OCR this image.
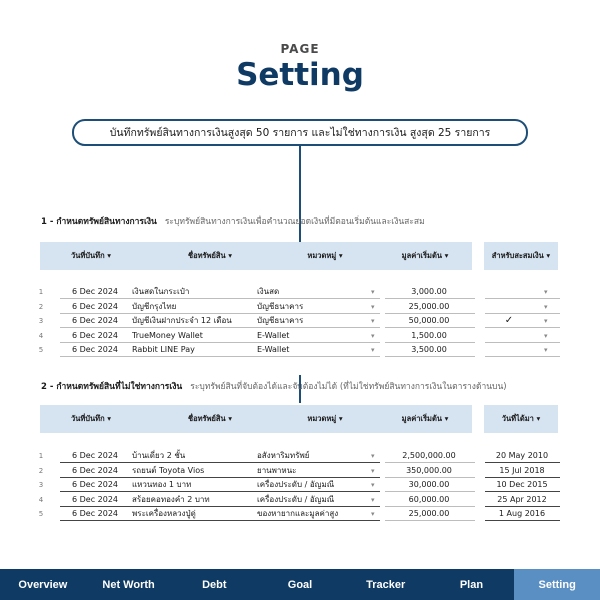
PAGE
Setting
บันทึกทรัพย์สินทางการเงินสูงสุด 50 รายการ และไม่ใช่ทางการเงิน สูงสุด 25 รายการ
1 - กำหนดทรัพย์สินทางการเงิน ระบุทรัพย์สินทางการเงินเพื่อคำนวณยอดเงินที่มีตอนเริ่มต้นและเงินสะสม
วันที่บันทึก ▾	ชื่อทรัพย์สิน ▾	หมวดหมู่ ▾	มูลค่าเริ่มต้น ▾	สำหรับสะสมเงิน ▾
1	6 Dec 2024	เงินสดในกระเป๋า	เงินสด	▾	3,000.00	▾
2	6 Dec 2024	บัญชีกรุงไทย	บัญชีธนาคาร	▾	25,000.00	▾
3	6 Dec 2024	บัญชีเงินฝากประจำ 12 เดือน	บัญชีธนาคาร	▾	50,000.00	✓	▾
4	6 Dec 2024	TrueMoney Wallet	E-Wallet	▾	1,500.00	▾
5	6 Dec 2024	Rabbit LINE Pay	E-Wallet	▾	3,500.00	▾
2 - กำหนดทรัพย์สินที่ไม่ใช่ทางการเงิน ระบุทรัพย์สินที่จับต้องได้และจับต้องไม่ได้ (ที่ไม่ใช่ทรัพย์สินทางการเงินในตารางด้านบน)
วันที่บันทึก ▾	ชื่อทรัพย์สิน ▾	หมวดหมู่ ▾	มูลค่าเริ่มต้น ▾	วันที่ได้มา ▾
1	6 Dec 2024	บ้านเดี่ยว 2 ชั้น	อสังหาริมทรัพย์	▾	2,500,000.00	20 May 2010
2	6 Dec 2024	รถยนต์ Toyota Vios	ยานพาหนะ	▾	350,000.00	15 Jul 2018
3	6 Dec 2024	แหวนทอง 1 บาท	เครื่องประดับ / อัญมณี	▾	30,000.00	10 Dec 2015
4	6 Dec 2024	สร้อยคอทองคำ 2 บาท	เครื่องประดับ / อัญมณี	▾	60,000.00	25 Apr 2012
5	6 Dec 2024	พระเครื่องหลวงปู่ดู่	ของหายากและมูลค่าสูง	▾	25,000.00	1 Aug 2016
Overview	Net Worth	Debt	Goal	Tracker	Plan	Setting
